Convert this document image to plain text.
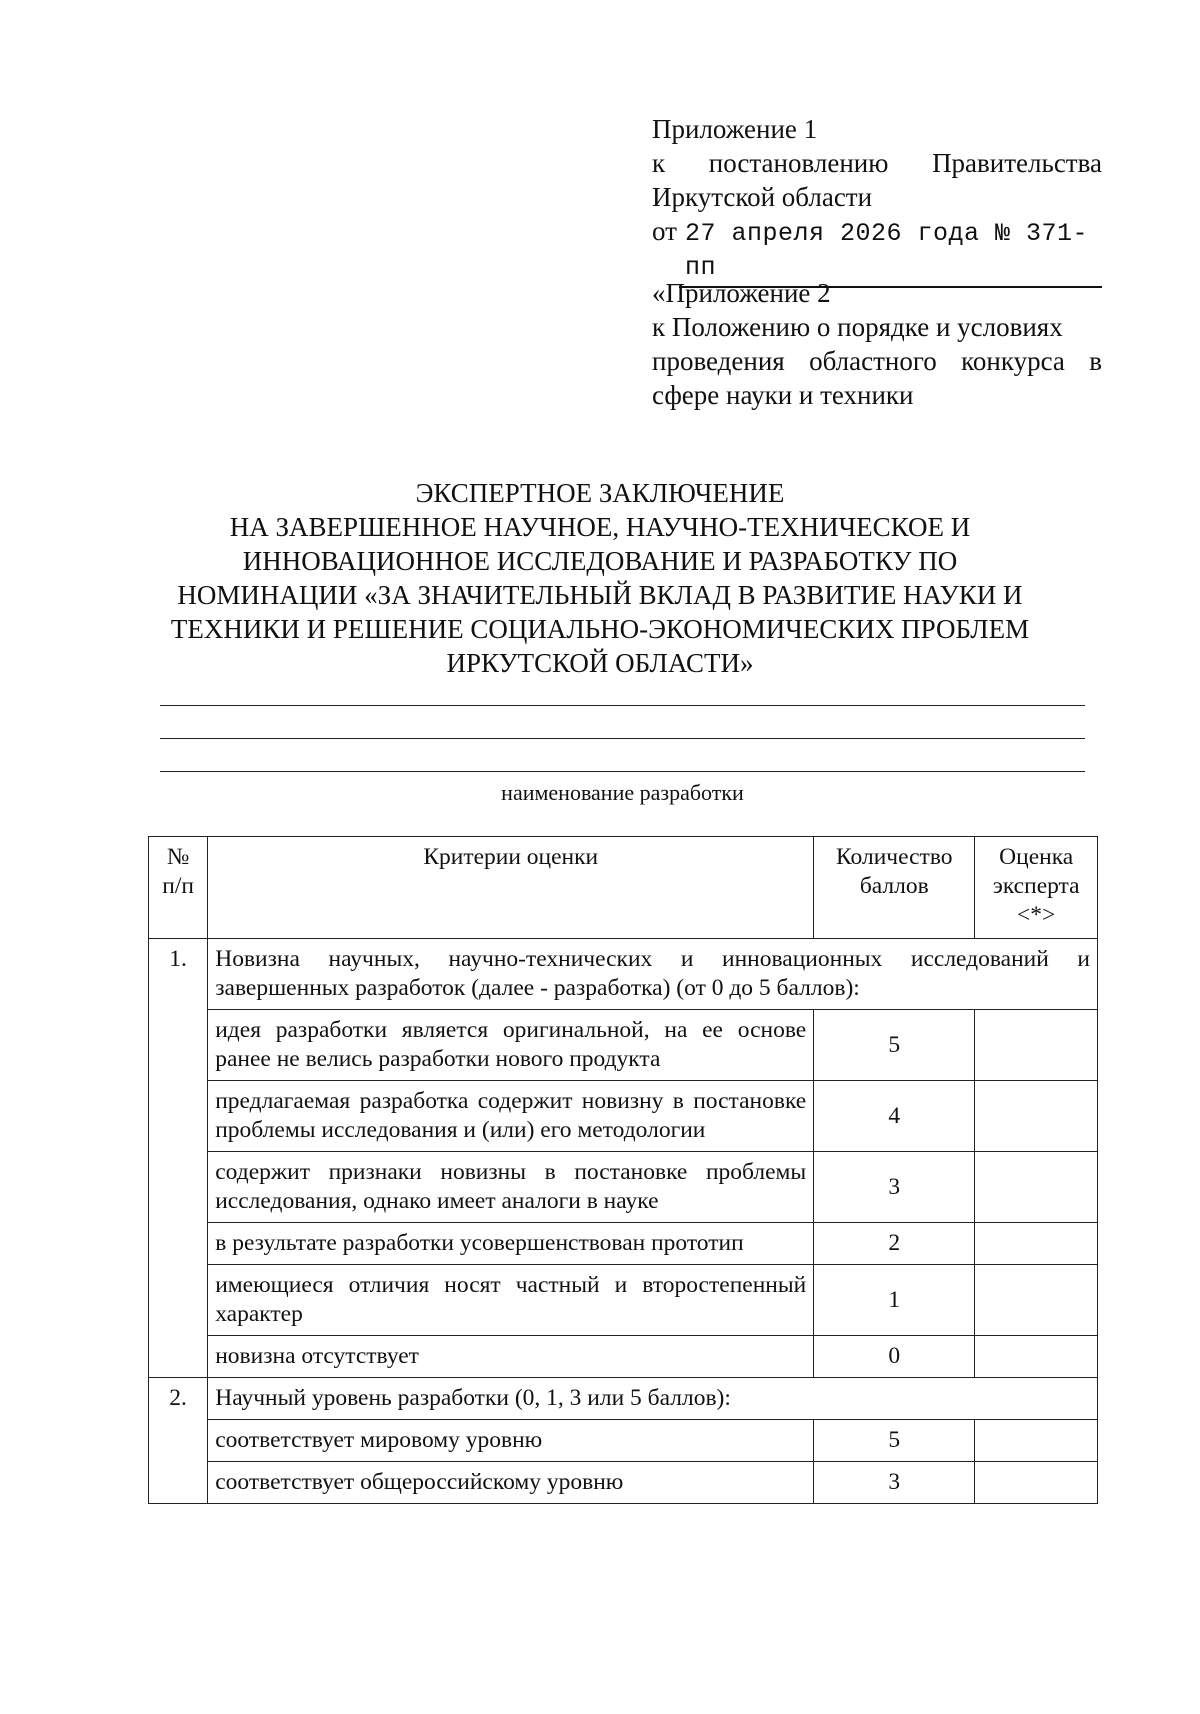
Приложение 1
к постановлению Правительства
Иркутской области
от 27 апреля 2026 года № 371-пп
«Приложение 2
к Положению о порядке и условиях
проведения областного конкурса в
сфере науки и техники
ЭКСПЕРТНОЕ ЗАКЛЮЧЕНИЕ
НА ЗАВЕРШЕННОЕ НАУЧНОЕ, НАУЧНО-ТЕХНИЧЕСКОЕ И
ИННОВАЦИОННОЕ ИССЛЕДОВАНИЕ И РАЗРАБОТКУ ПО
НОМИНАЦИИ «ЗА ЗНАЧИТЕЛЬНЫЙ ВКЛАД В РАЗВИТИЕ НАУКИ И
ТЕХНИКИ И РЕШЕНИЕ СОЦИАЛЬНО-ЭКОНОМИЧЕСКИХ ПРОБЛЕМ
ИРКУТСКОЙ ОБЛАСТИ»
наименование разработки
№ п/п	Критерии оценки	Количество баллов	Оценка эксперта <*>
1.	Новизна научных, научно-технических и инновационных исследований и завершенных разработок (далее - разработка) (от 0 до 5 баллов):		
	идея разработки является оригинальной, на ее основе ранее не велись разработки нового продукта	5	
	предлагаемая разработка содержит новизну в постановке проблемы исследования и (или) его методологии	4	
	содержит признаки новизны в постановке проблемы исследования, однако имеет аналоги в науке	3	
	в результате разработки усовершенствован прототип	2	
	имеющиеся отличия носят частный и второстепенный характер	1	
	новизна отсутствует	0	
2.	Научный уровень разработки (0, 1, 3 или 5 баллов):		
	соответствует мировому уровню	5	
	соответствует общероссийскому уровню	3	
